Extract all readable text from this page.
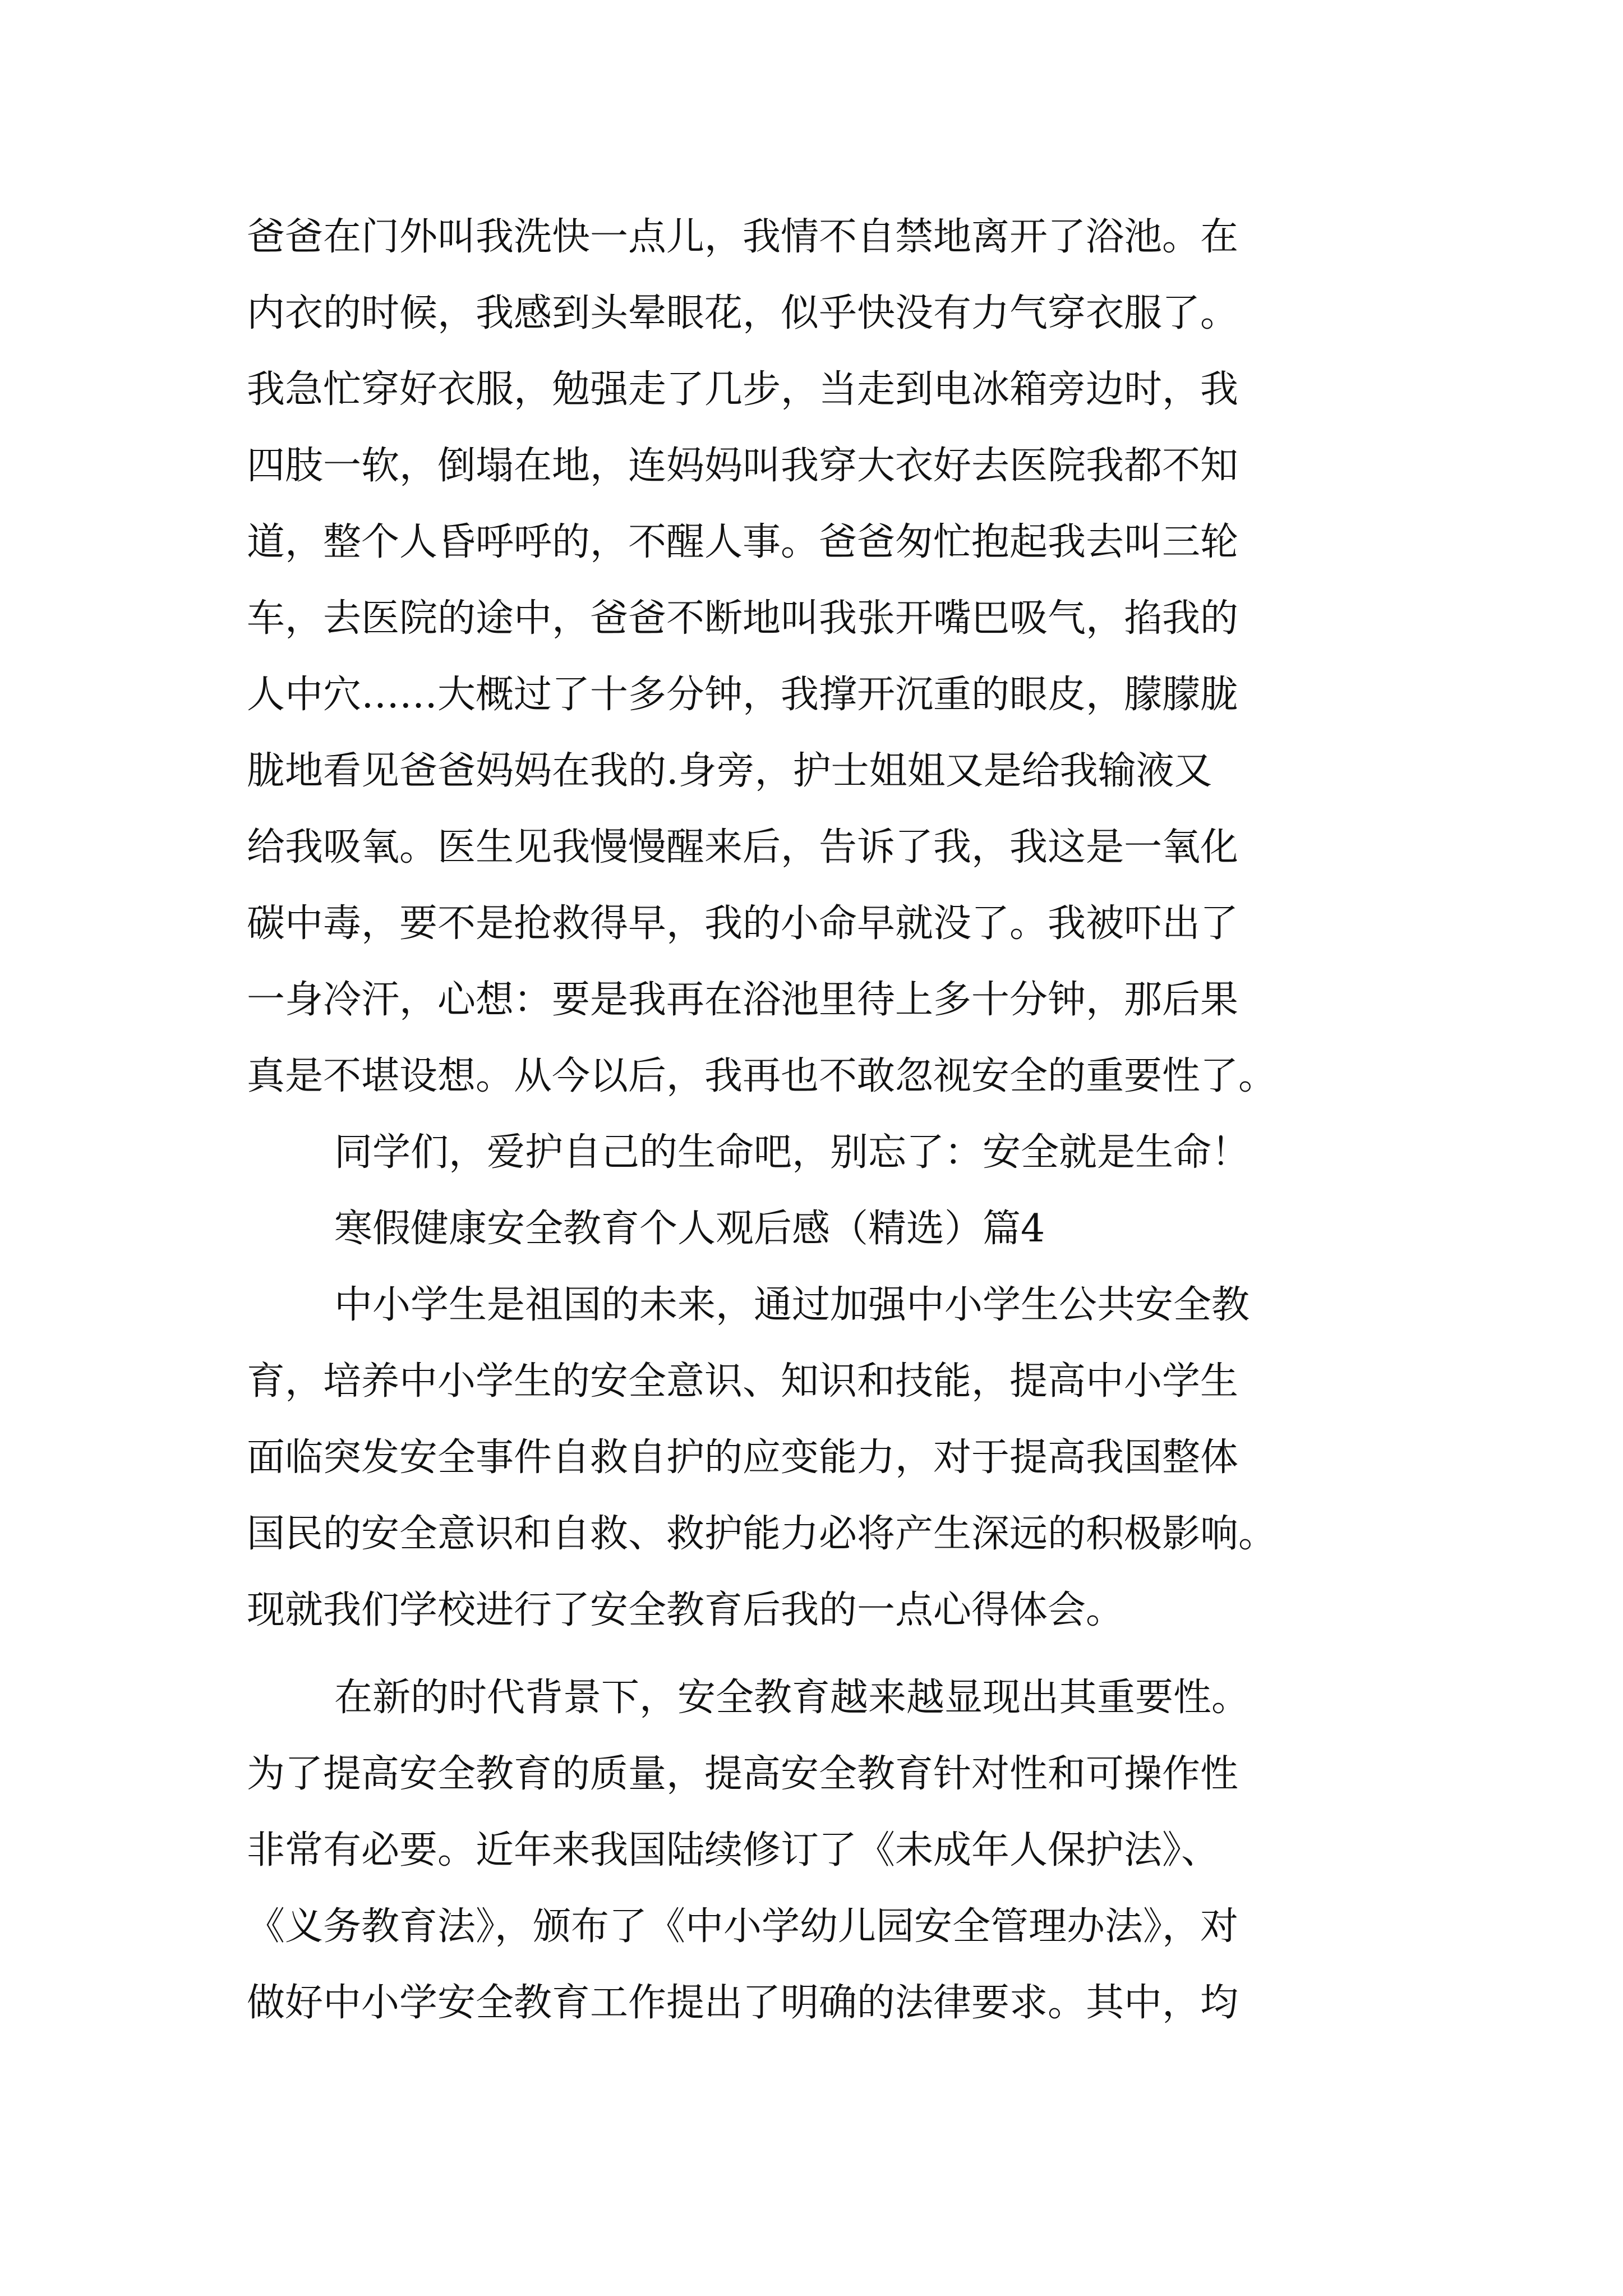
爸爸在门外叫我洗快一点儿，我情不自禁地离开了浴池。在
内衣的时候，我感到头晕眼花，似乎快没有力气穿衣服了。
我急忙穿好衣服，勉强走了几步，当走到电冰箱旁边时，我
四肢一软，倒塌在地，连妈妈叫我穿大衣好去医院我都不知
道，整个人昏呼呼的，不醒人事。爸爸匆忙抱起我去叫三轮
车，去医院的途中，爸爸不断地叫我张开嘴巴吸气，掐我的
人中穴……大概过了十多分钟，我撑开沉重的眼皮，朦朦胧
胧地看见爸爸妈妈在我的.身旁，护士姐姐又是给我输液又
给我吸氧。医生见我慢慢醒来后，告诉了我，我这是一氧化
碳中毒，要不是抢救得早，我的小命早就没了。我被吓出了
一身冷汗，心想：要是我再在浴池里待上多十分钟，那后果
真是不堪设想。从今以后，我再也不敢忽视安全的重要性了。
同学们，爱护自己的生命吧，别忘了：安全就是生命！
寒假健康安全教育个人观后感（精选）篇4
中小学生是祖国的未来，通过加强中小学生公共安全教
育，培养中小学生的安全意识、知识和技能，提高中小学生
面临突发安全事件自救自护的应变能力，对于提高我国整体
国民的安全意识和自救、救护能力必将产生深远的积极影响。
现就我们学校进行了安全教育后我的一点心得体会。
在新的时代背景下，安全教育越来越显现出其重要性。
为了提高安全教育的质量，提高安全教育针对性和可操作性
非常有必要。近年来我国陆续修订了《未成年人保护法》、
《义务教育法》，颁布了《中小学幼儿园安全管理办法》，对
做好中小学安全教育工作提出了明确的法律要求。其中，均
